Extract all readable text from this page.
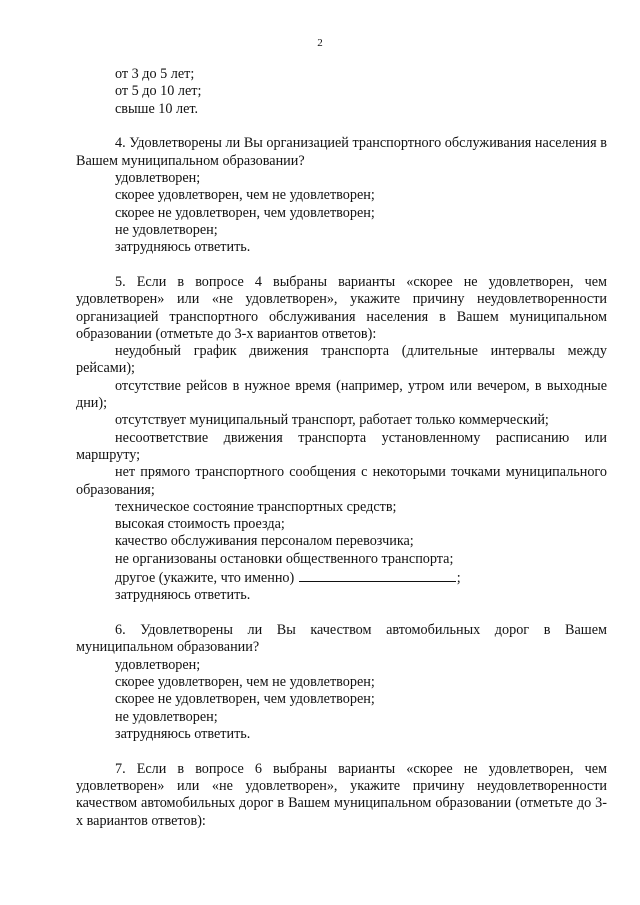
2
от 3 до 5 лет;
от 5 до 10 лет;
свыше 10 лет.
4. Удовлетворены ли Вы организацией транспортного обслуживания населения в Вашем муниципальном образовании?
удовлетворен;
скорее удовлетворен, чем не удовлетворен;
скорее не удовлетворен, чем удовлетворен;
не удовлетворен;
затрудняюсь ответить.
5. Если в вопросе 4 выбраны варианты «скорее не удовлетворен, чем удовлетворен» или «не удовлетворен», укажите причину неудовлетворенности организацией транспортного обслуживания населения в Вашем муниципальном образовании (отметьте до 3-х вариантов ответов):
неудобный график движения транспорта (длительные интервалы между рейсами);
отсутствие рейсов в нужное время (например, утром или вечером, в выходные дни);
отсутствует муниципальный транспорт, работает только коммерческий;
несоответствие движения транспорта установленному расписанию или маршруту;
нет прямого транспортного сообщения с некоторыми точками муниципального образования;
техническое состояние транспортных средств;
высокая стоимость проезда;
качество обслуживания персоналом перевозчика;
не организованы остановки общественного транспорта;
другое (укажите, что именно)	;
затрудняюсь ответить.
6. Удовлетворены ли Вы качеством автомобильных дорог в Вашем муниципальном образовании?
удовлетворен;
скорее удовлетворен, чем не удовлетворен;
скорее не удовлетворен, чем удовлетворен;
не удовлетворен;
затрудняюсь ответить.
7. Если в вопросе 6 выбраны варианты «скорее не удовлетворен, чем удовлетворен» или «не удовлетворен», укажите причину неудовлетворенности качеством автомобильных дорог в Вашем муниципальном образовании (отметьте до 3-х вариантов ответов):
